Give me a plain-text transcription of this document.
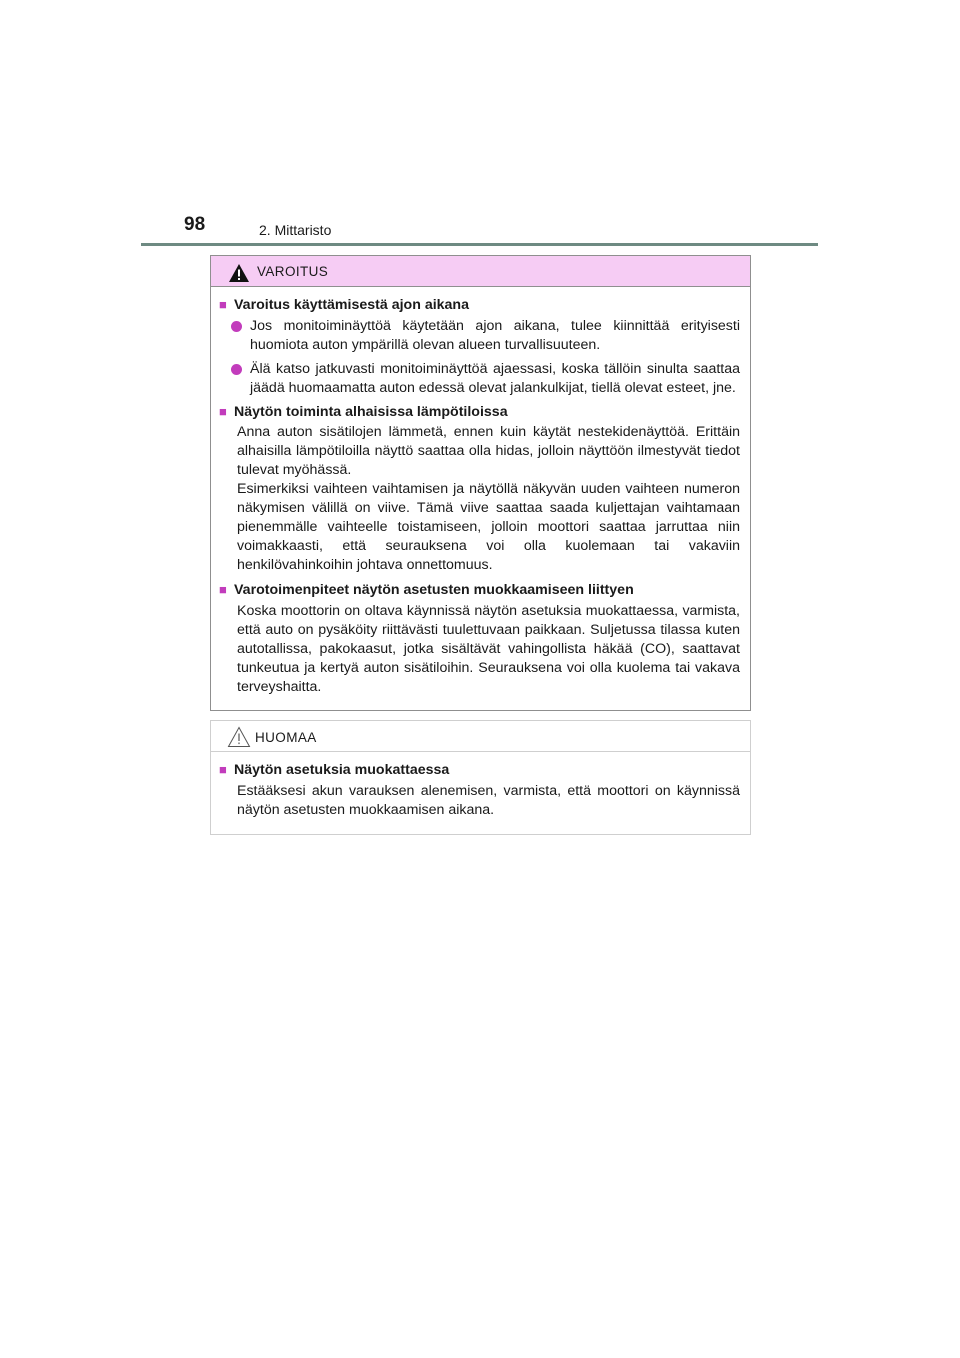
98	2. Mittaristo
VAROITUS
■ Varoitus käyttämisestä ajon aikana
Jos monitoiminäyttöä käytetään ajon aikana, tulee kiinnittää erityisesti huomiota auton ympärillä olevan alueen turvallisuuteen.
Älä katso jatkuvasti monitoiminäyttöä ajaessasi, koska tällöin sinulta saattaa jäädä huomaamatta auton edessä olevat jalankulkijat, tiellä olevat esteet, jne.
■ Näytön toiminta alhaisissa lämpötiloissa

Anna auton sisätilojen lämmetä, ennen kuin käytät nestekidenäyttöä. Erittäin alhaisilla lämpötiloilla näyttö saattaa olla hidas, jolloin näyttöön ilmestyvät tiedot tulevat myöhässä.

Esimerkiksi vaihteen vaihtamisen ja näytöllä näkyvän uuden vaihteen numeron näkymisen välillä on viive. Tämä viive saattaa saada kuljettajan vaihtamaan pienemmälle vaihteelle toistamiseen, jolloin moottori saattaa jarruttaa niin voimakkaasti, että seurauksena voi olla kuolemaan tai vakaviin henkilövahinkoihin johtava onnettomuus.

■ Varotoimenpiteet näytön asetusten muokkaamiseen liittyen

Koska moottorin on oltava käynnissä näytön asetuksia muokattaessa, varmista, että auto on pysäköity riittävästi tuulettuvaan paikkaan. Suljetussa tilassa kuten autotallissa, pakokaasut, jotka sisältävät vahingollista häkää (CO), saattavat tunkeutua ja kertyä auton sisätiloihin. Seurauksena voi olla kuolema tai vakava terveyshaitta.

HUOMAA
■ Näytön asetuksia muokattaessa

Estääksesi akun varauksen alenemisen, varmista, että moottori on käynnissä näytön asetusten muokkaamisen aikana.
